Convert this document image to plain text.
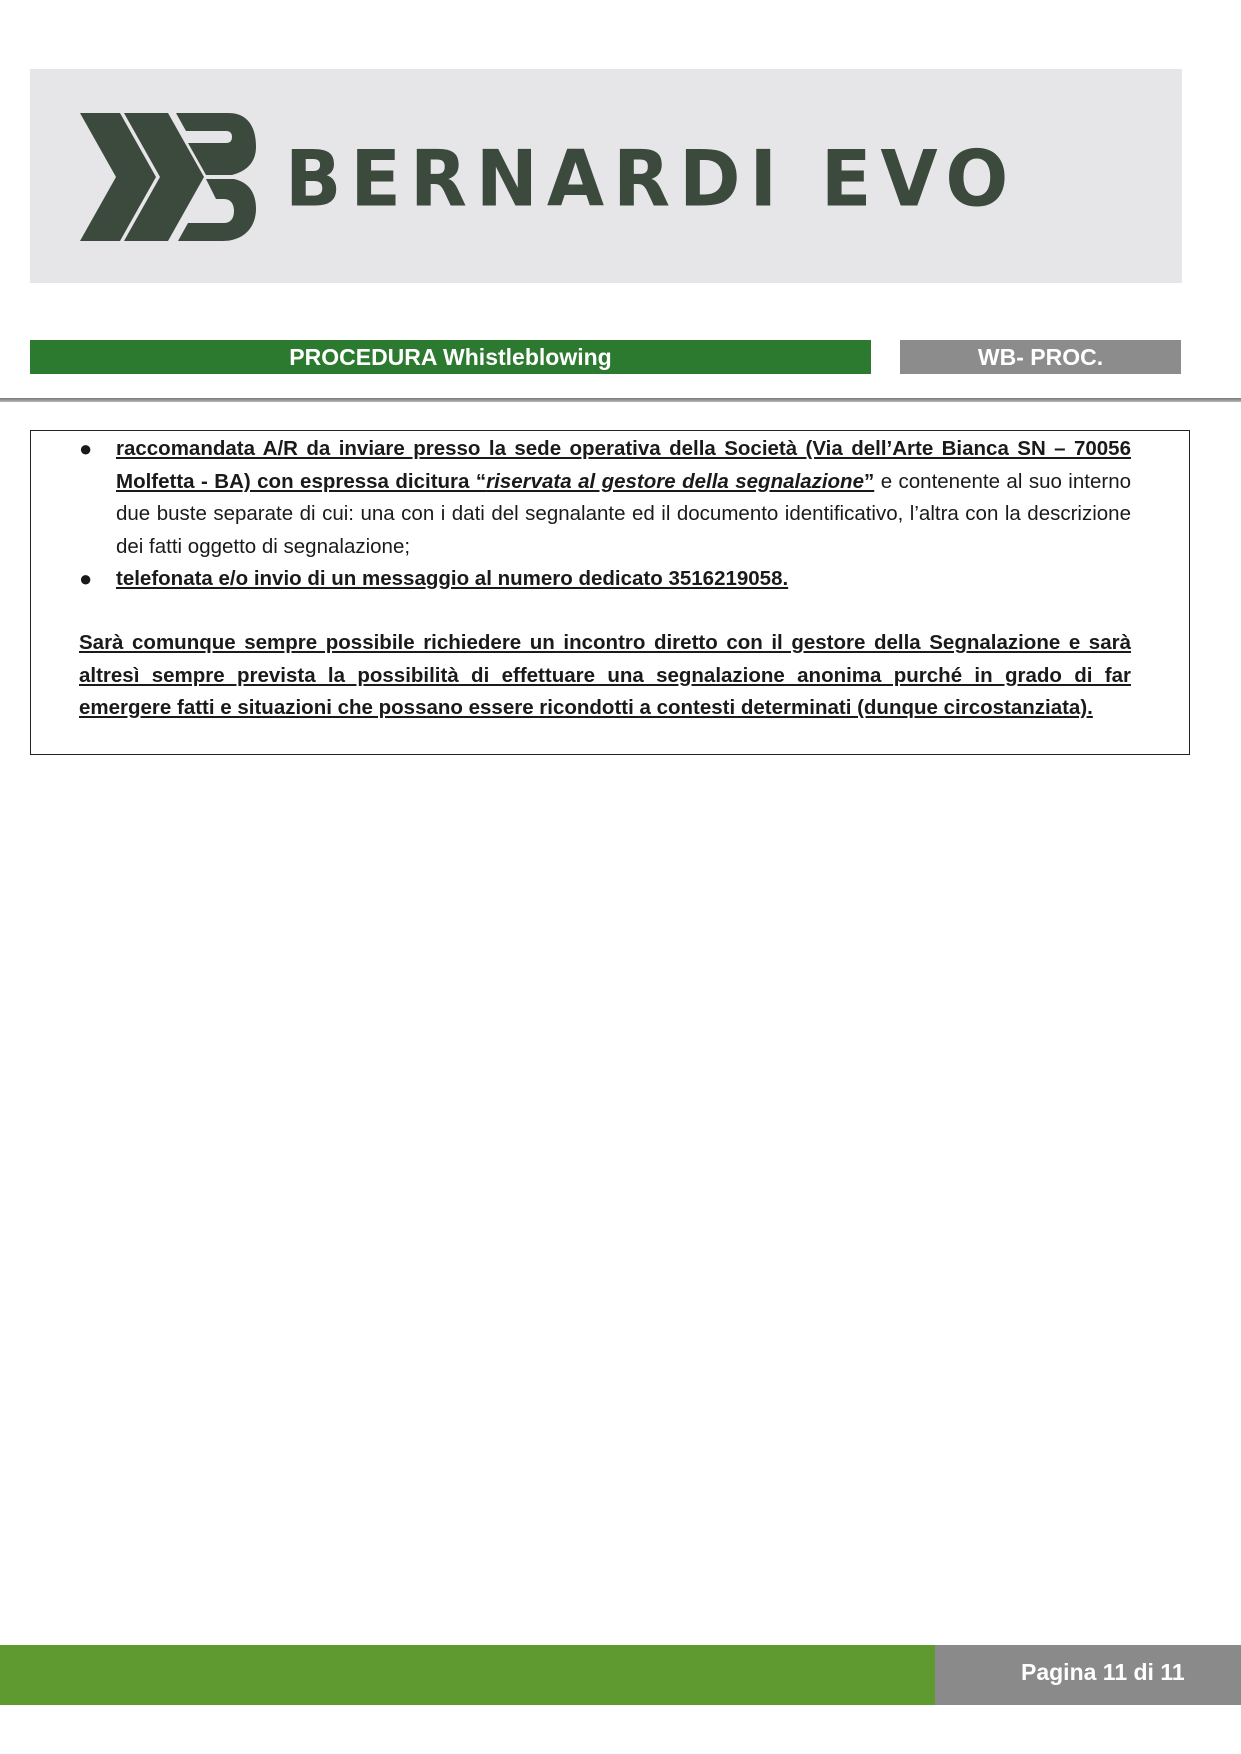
BERNARDI EVO
PROCEDURA Whistleblowing	WB- PROC.
● raccomandata A/R da inviare presso la sede operativa della Società (Via dell’Arte Bianca SN – 70056 Molfetta - BA) con espressa dicitura “riservata al gestore della segnalazione” e contenente al suo interno due buste separate di cui: una con i dati del segnalante ed il documento identificativo, l’altra con la descrizione dei fatti oggetto di segnalazione;
● telefonata e/o invio di un messaggio al numero dedicato 3516219058.

Sarà comunque sempre possibile richiedere un incontro diretto con il gestore della Segnalazione e sarà altresì sempre prevista la possibilità di effettuare una segnalazione anonima purché in grado di far emergere fatti e situazioni che possano essere ricondotti a contesti determinati (dunque circostanziata).

Pagina 11 di 11
